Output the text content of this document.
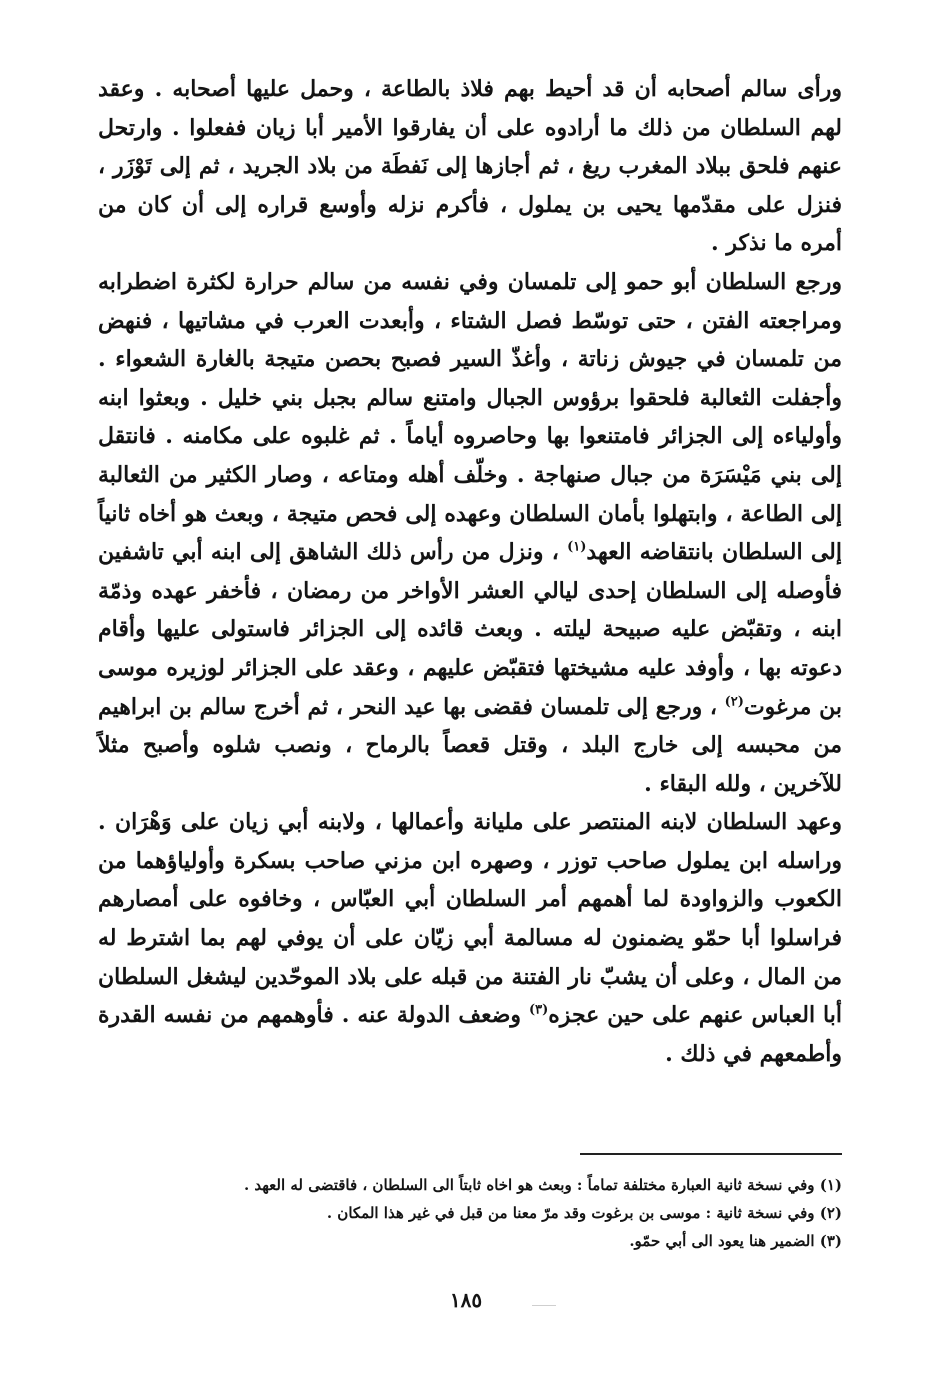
ورأى سالم أصحابه أن قد أحيط بهم فلاذ بالطاعة ، وحمل عليها أصحابه . وعقد لهم السلطان من ذلك ما أرادوه على أن يفارقوا الأمير أبا زيان ففعلوا . وارتحل عنهم فلحق ببلاد المغرب ريغ ، ثم أجازها إلى نَفطَة من بلاد الجريد ، ثم إلى تَوْزَر ، فنزل على مقدّمها يحيى بن يملول ، فأكرم نزله وأوسع قراره إلى أن كان من أمره ما نذكر .

ورجع السلطان أبو حمو إلى تلمسان وفي نفسه من سالم حرارة لكثرة اضطرابه ومراجعته الفتن ، حتى توسّط فصل الشتاء ، وأبعدت العرب في مشاتيها ، فنهض من تلمسان في جيوش زناتة ، وأغذّ السير فصبح بحصن متيجة بالغارة الشعواء . وأجفلت الثعالبة فلحقوا برؤوس الجبال وامتنع سالم بجبل بني خليل . وبعثوا ابنه وأولياءه إلى الجزائر فامتنعوا بها وحاصروه أياماً . ثم غلبوه على مكامنه . فانتقل إلى بني مَيْسَرَة من جبال صنهاجة . وخلّف أهله ومتاعه ، وصار الكثير من الثعالبة إلى الطاعة ، وابتهلوا بأمان السلطان وعهده إلى فحص متيجة ، وبعث هو أخاه ثانياً إلى السلطان بانتقاضه العهد$^{(١)}$ ، ونزل من رأس ذلك الشاهق إلى ابنه أبي تاشفين فأوصله إلى السلطان إحدى ليالي العشر الأواخر من رمضان ، فأخفر عهده وذمّة ابنه ، وتقبّض عليه صبيحة ليلته . وبعث قائده إلى الجزائر فاستولى عليها وأقام دعوته بها ، وأوفد عليه مشيختها فتقبّض عليهم ، وعقد على الجزائر لوزيره موسى بن مرغوت$^{(٢)}$ ، ورجع إلى تلمسان فقضى بها عيد النحر ، ثم أخرج سالم بن ابراهيم من محبسه إلى خارج البلد ، وقتل قعصاً بالرماح ، ونصب شلوه وأصبح مثلاً للآخرين ، ولله البقاء .

وعهد السلطان لابنه المنتصر على مليانة وأعمالها ، ولابنه أبي زيان على وَهْرَان . وراسله ابن يملول صاحب توزر ، وصهره ابن مزني صاحب بسكرة وأولياؤهما من الكعوب والزواودة لما أهمهم أمر السلطان أبي العبّاس ، وخافوه على أمصارهم فراسلوا أبا حمّو يضمنون له مسالمة أبي زيّان على أن يوفي لهم بما اشترط له من المال ، وعلى أن يشبّ نار الفتنة من قبله على بلاد الموحّدين ليشغل السلطان أبا العباس عنهم على حين عجزه$^{(٣)}$ وضعف الدولة عنه . فأوهمهم من نفسه القدرة وأطمعهم في ذلك .

(١) وفي نسخة ثانية العبارة مختلفة تماماً : وبعث هو اخاه ثابتاً الى السلطان ، فاقتضى له العهد .

(٢) وفي نسخة ثانية : موسى بن برغوت وقد مرّ معنا من قبل في غير هذا المكان .

(٣) الضمير هنا يعود الى أبي حمّو.

١٨٥
